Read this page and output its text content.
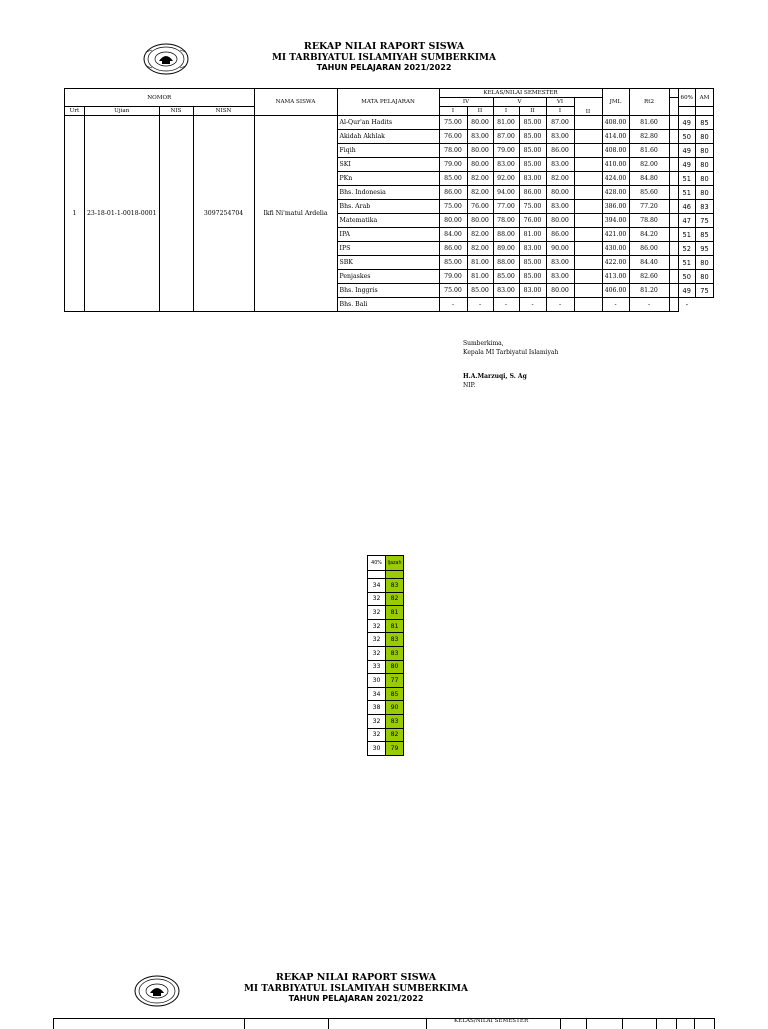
REKAP NILAI RAPORT SISWA
MI TARBIYATUL ISLAMIYAH SUMBERKIMA
TAHUN PELAJARAN 2021/2022
NOMOR				NAMA SISWA	MATA PELAJARAN	KELAS/NILAI SEMESTER						JML	Rt2		60%	AM
						IV		V		VI	II					
Urt	Ujian	NIS	NISN			I	II	I	II	I						
1	23-18-01-1-0018-0001		3097254704	Ikfi Ni'matul Ardelia	Al-Qur'an Hadits	75.00	80.00	81.00	85.00	87.00		408.00	81.60		49	85
					Akidah Akhlak	76.00	83.00	87.00	85.00	83.00		414.00	82.80		50	80
					Fiqih	78.00	80.00	79.00	85.00	86.00		408.00	81.60		49	80
					SKI	79.00	80.00	83.00	85.00	83.00		410.00	82.00		49	80
					PKn	85.00	82.00	92.00	83.00	82.00		424.00	84.80		51	80
					Bhs. Indonesia	86.00	82.00	94.00	86.00	80.00		428.00	85.60		51	80
					Bhs. Arab	75.00	76.00	77.00	75.00	83.00		386.00	77.20		46	83
					Matematika	80.00	80.00	78.00	76.00	80.00		394.00	78.80		47	75
					IPA	84.00	82.00	88.00	81.00	86.00		421.00	84.20		51	85
					IPS	86.00	82.00	89.00	83.00	90.00		430.00	86.00		52	95
					SBK	85.00	81.00	88.00	85.00	83.00		422.00	84.40		51	80
					Penjaskes	79.00	81.00	85.00	85.00	83.00		413.00	82.60		50	80
					Bhs. Inggris	75.00	85.00	83.00	83.00	80.00		406.00	81.20		49	75
					Bhs. Bali	-	-	-	-	-		-	-		-	
Sumberkima,
Kepala MI Tarbiyatul Islamiyah
H.A.Marzuqi, S. Ag
NIP.
40%	ljazah

34	83
32	82
32	81
32	81
32	83
32	83
33	80
30	77
34	85
38	90
32	83
32	82
30	79
REKAP NILAI RAPORT SISWA
MI TARBIYATUL ISLAMIYAH SUMBERKIMA
TAHUN PELAJARAN 2021/2022
KELAS/NILAI SEMESTER
